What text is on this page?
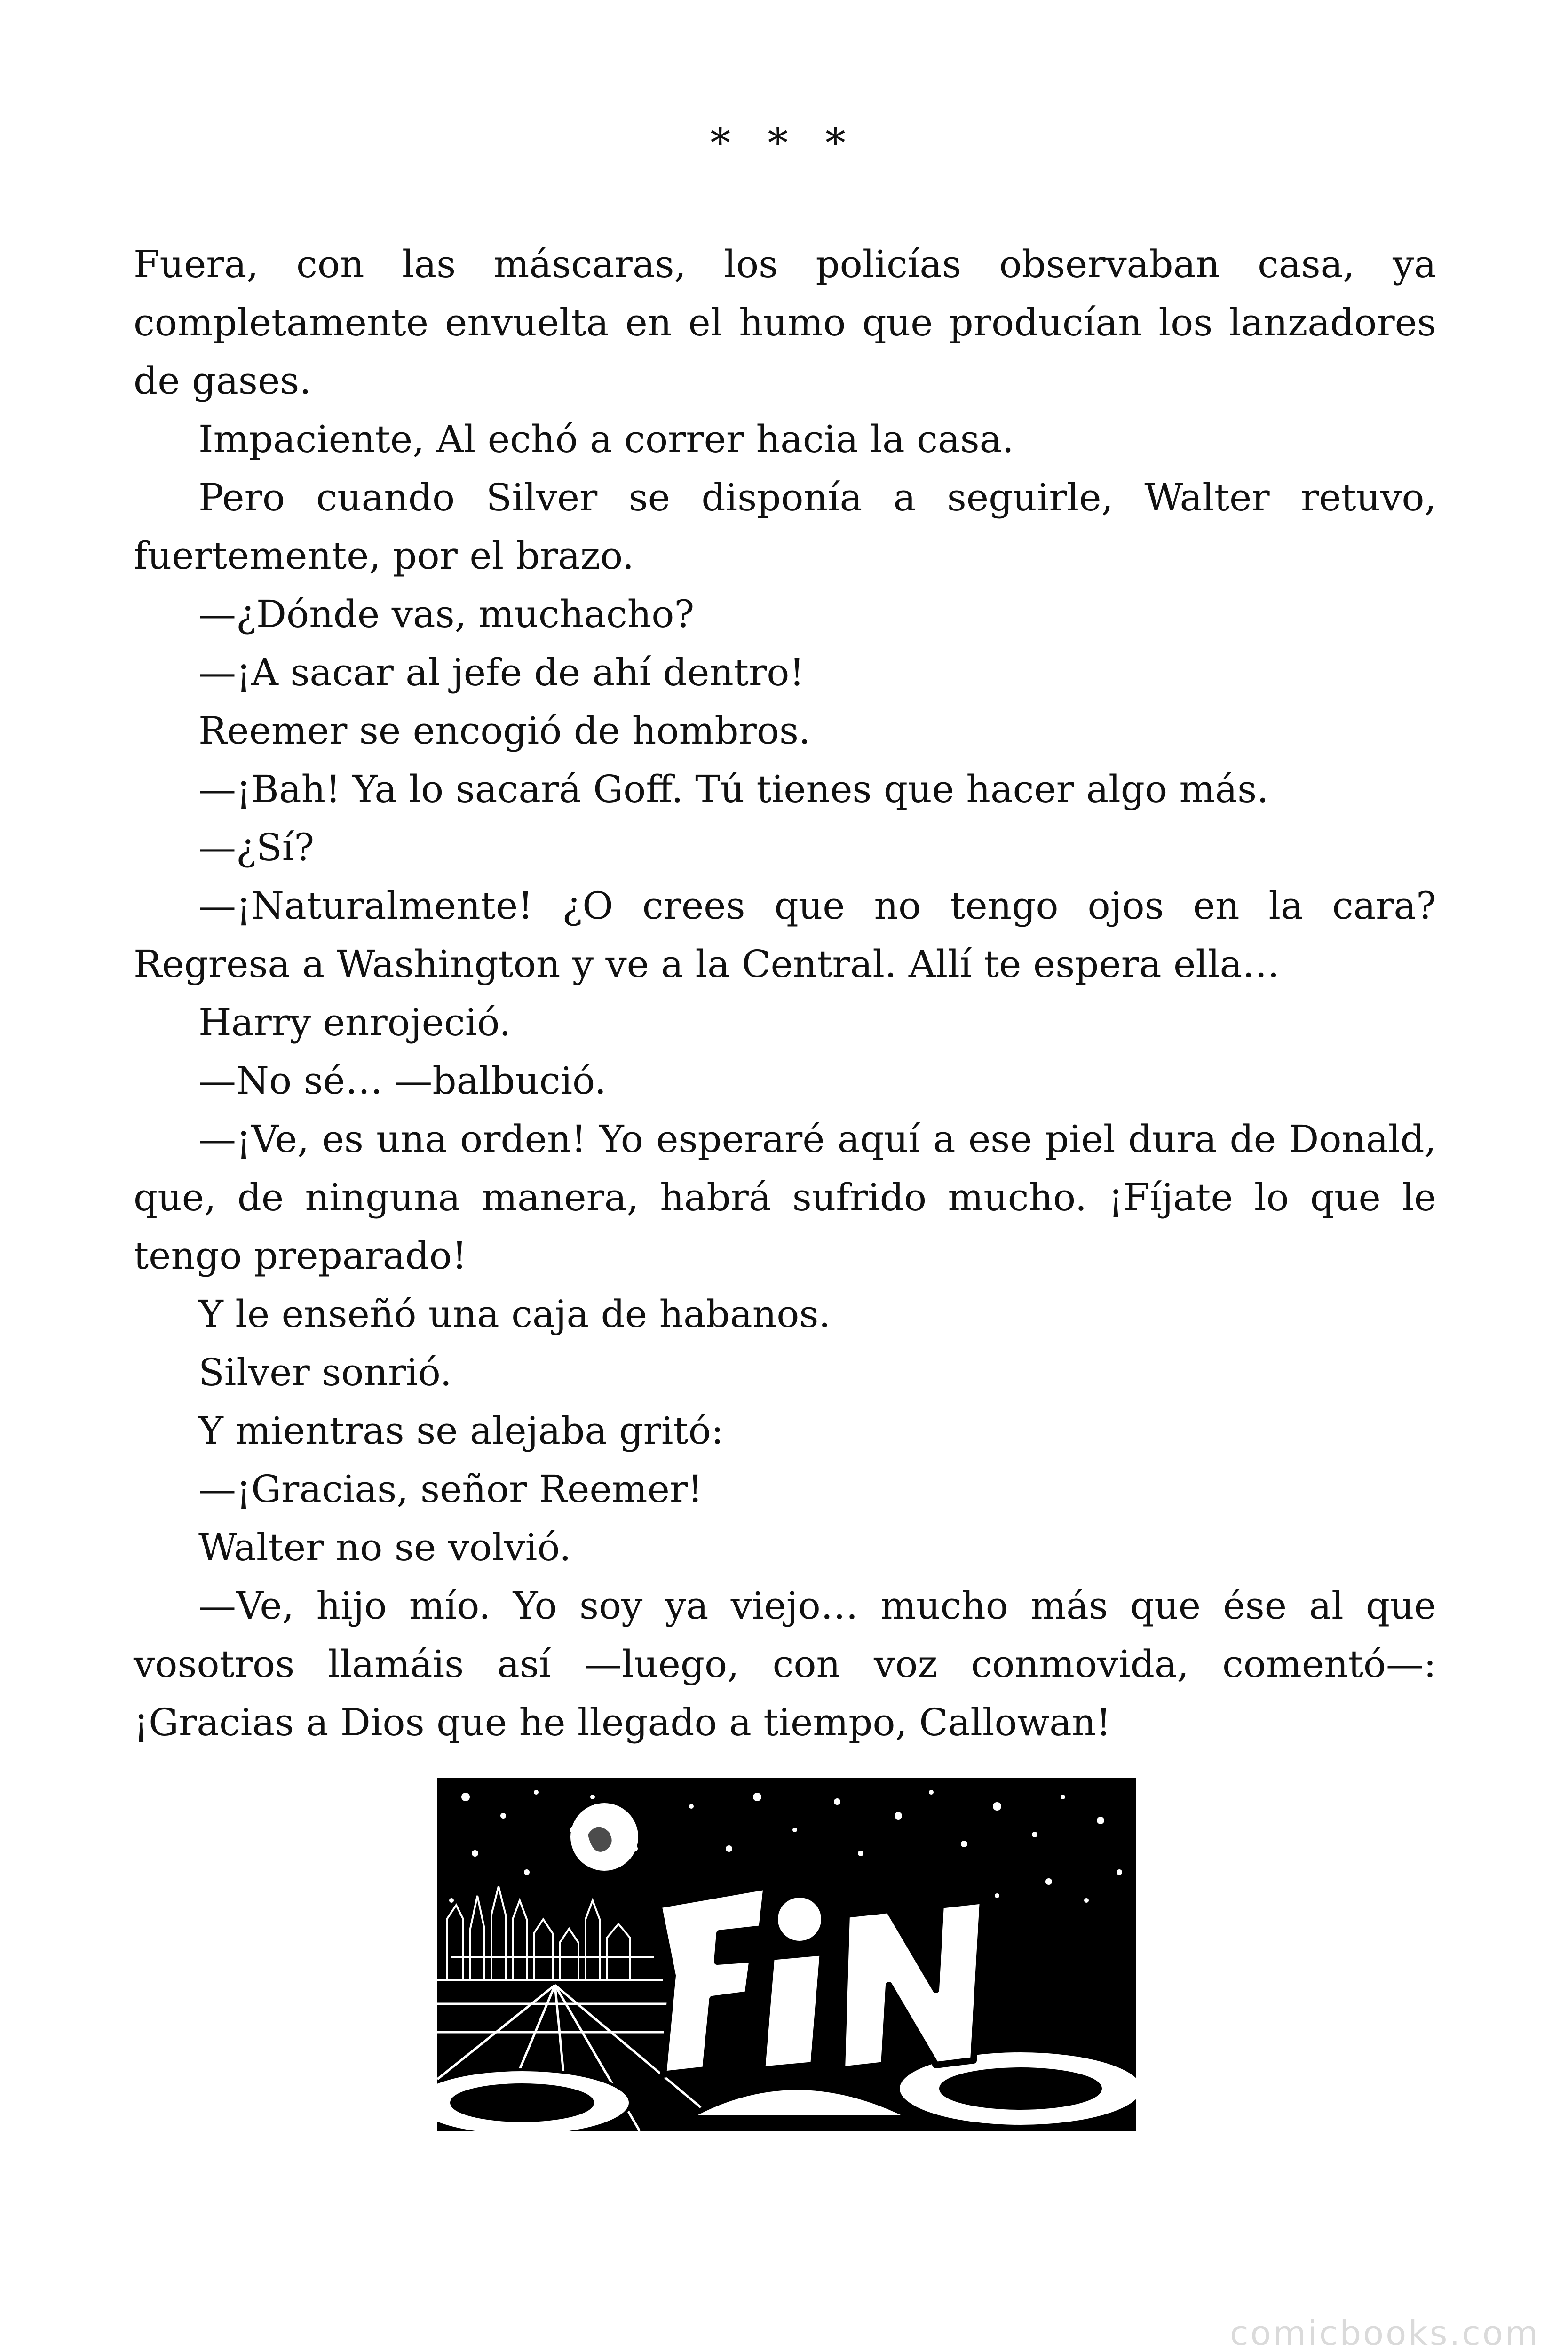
* * *

Fuera, con las máscaras, los policías observaban casa, ya completamente envuelta en el humo que producían los lanzadores de gases.

Impaciente, Al echó a correr hacia la casa.

Pero cuando Silver se disponía a seguirle, Walter retuvo, fuertemente, por el brazo.

—¿Dónde vas, muchacho?

—¡A sacar al jefe de ahí dentro!

Reemer se encogió de hombros.

—¡Bah! Ya lo sacará Goff. Tú tienes que hacer algo más.

—¿Sí?

—¡Naturalmente! ¿O crees que no tengo ojos en la cara? Regresa a Washington y ve a la Central. Allí te espera ella…

Harry enrojeció.

—No sé… —balbució.

—¡Ve, es una orden! Yo esperaré aquí a ese piel dura de Donald, que, de ninguna manera, habrá sufrido mucho. ¡Fíjate lo que le tengo preparado!

Y le enseñó una caja de habanos.

Silver sonrió.

Y mientras se alejaba gritó:

—¡Gracias, señor Reemer!

Walter no se volvió.

—Ve, hijo mío. Yo soy ya viejo… mucho más que ése al que vosotros llamáis así —luego, con voz conmovida, comentó—: ¡Gracias a Dios que he llegado a tiempo, Callowan!

comicbooks.com
